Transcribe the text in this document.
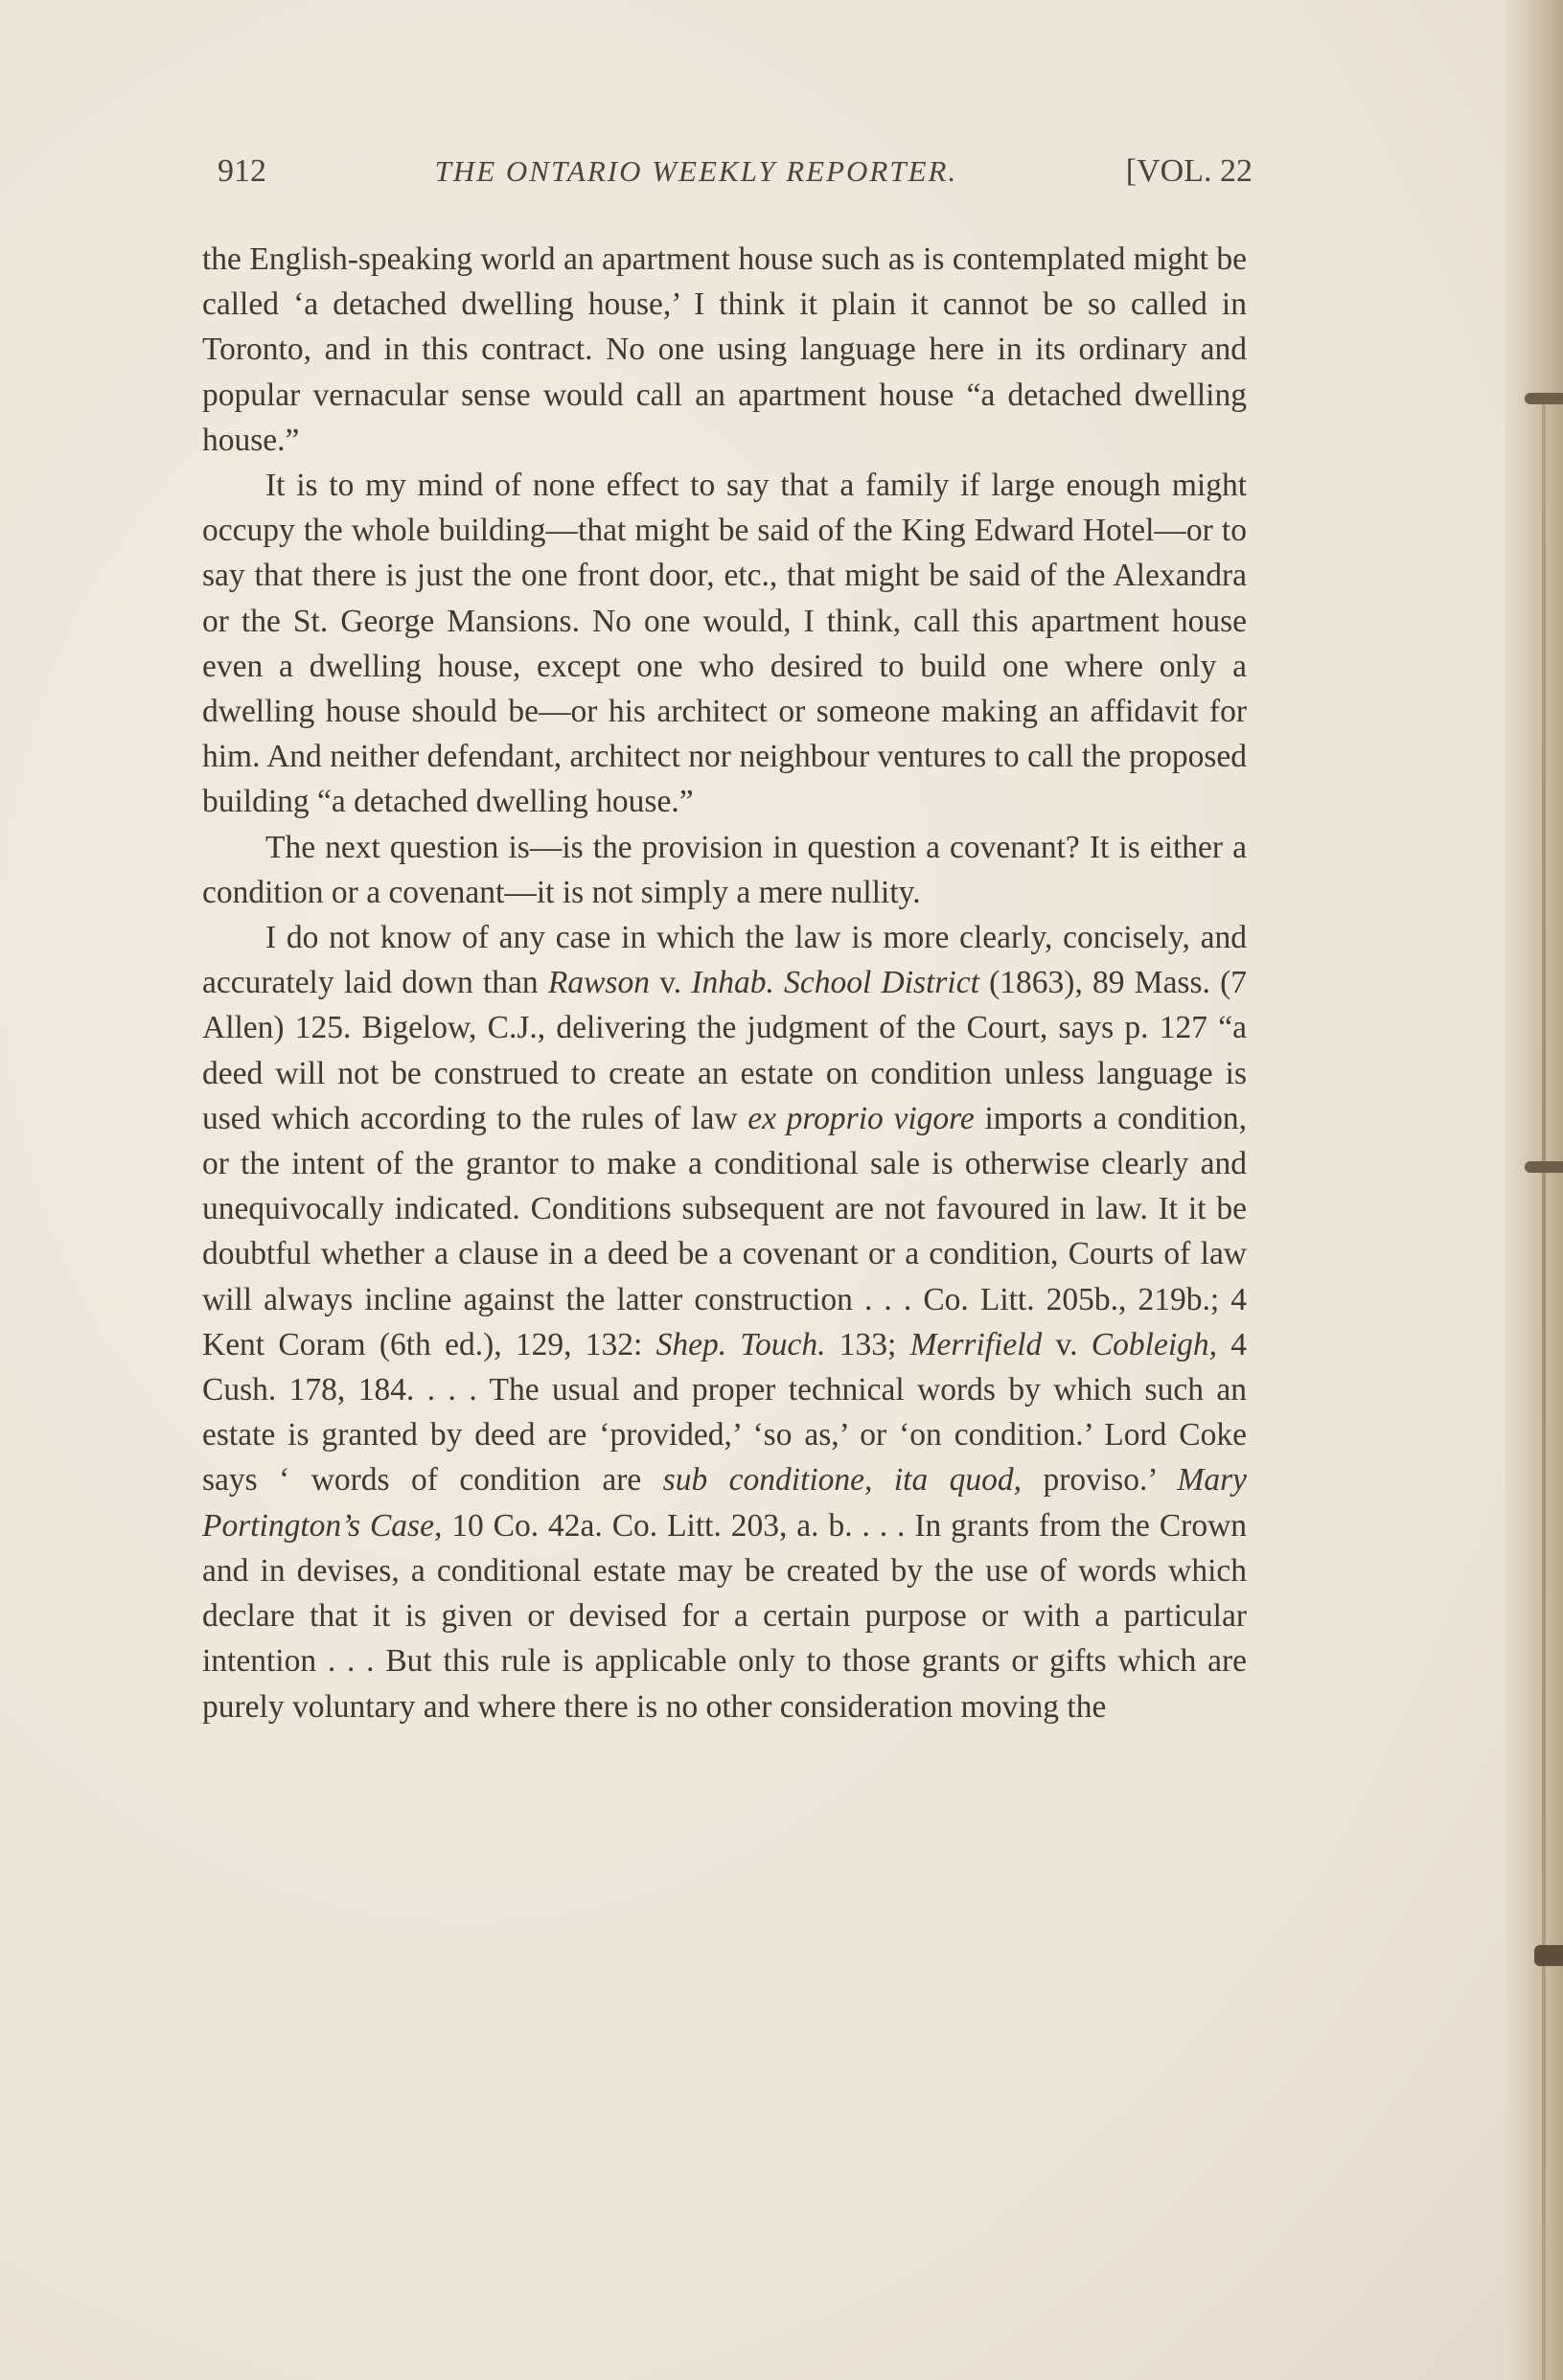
912	THE ONTARIO WEEKLY REPORTER.	[VOL. 22

the English-speaking world an apartment house such as is contemplated might be called ‘a detached dwelling house,’ I think it plain it cannot be so called in Toronto, and in this contract. No one using language here in its ordinary and popular vernacular sense would call an apartment house “a detached dwelling house.”

It is to my mind of none effect to say that a family if large enough might occupy the whole building—that might be said of the King Edward Hotel—or to say that there is just the one front door, etc., that might be said of the Alexandra or the St. George Mansions. No one would, I think, call this apartment house even a dwelling house, except one who desired to build one where only a dwelling house should be—or his architect or someone making an affidavit for him. And neither defendant, architect nor neighbour ventures to call the proposed building “a detached dwelling house.”

The next question is—is the provision in question a covenant? It is either a condition or a covenant—it is not simply a mere nullity.

I do not know of any case in which the law is more clearly, concisely, and accurately laid down than Rawson v. Inhab. School District (1863), 89 Mass. (7 Allen) 125. Bigelow, C.J., delivering the judgment of the Court, says p. 127 “a deed will not be construed to create an estate on condition unless language is used which according to the rules of law ex proprio vigore imports a condition, or the intent of the grantor to make a conditional sale is otherwise clearly and unequivocally indicated. Conditions subsequent are not favoured in law. It it be doubtful whether a clause in a deed be a covenant or a condition, Courts of law will always incline against the latter construction . . . Co. Litt. 205b., 219b.; 4 Kent Coram (6th ed.), 129, 132: Shep. Touch. 133; Merrifield v. Cobleigh, 4 Cush. 178, 184. . . . The usual and proper technical words by which such an estate is granted by deed are ‘provided,’ ‘so as,’ or ‘on condition.’ Lord Coke says ‘ words of condition are sub conditione, ita quod, proviso.’ Mary Portington’s Case, 10 Co. 42a. Co. Litt. 203, a. b. . . . In grants from the Crown and in devises, a conditional estate may be created by the use of words which declare that it is given or devised for a certain purpose or with a particular intention . . . But this rule is applicable only to those grants or gifts which are purely voluntary and where there is no other consideration moving the
